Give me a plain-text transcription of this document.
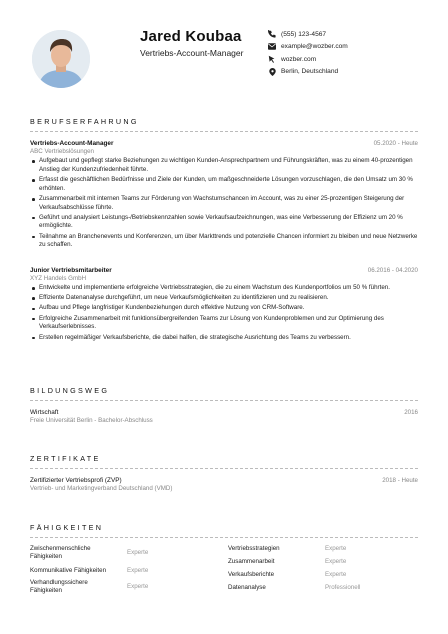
Jared Koubaa
Vertriebs-Account-Manager
(555) 123-4567
example@wozber.com
wozber.com
Berlin, Deutschland
BERUFSERFAHRUNG
Vertriebs-Account-Manager	05.2020 - Heute
ABC Vertriebslösungen
Aufgebaut und gepflegt starke Beziehungen zu wichtigen Kunden-Ansprechpartnern und Führungskräften, was zu einem 40-prozentigen Anstieg der Kundenzufriedenheit führte.
Erfasst die geschäftlichen Bedürfnisse und Ziele der Kunden, um maßgeschneiderte Lösungen vorzuschlagen, die den Umsatz um 30 % erhöhten.
Zusammenarbeit mit internen Teams zur Förderung von Wachstumschancen im Account, was zu einer 25-prozentigen Steigerung der Verkaufsabschlüsse führte.
Geführt und analysiert Leistungs-/Betriebskennzahlen sowie Verkaufsaufzeichnungen, was eine Verbesserung der Effizienz um 20 % ermöglichte.
Teilnahme an Branchenevents und Konferenzen, um über Markttrends und potenzielle Chancen informiert zu bleiben und neue Netzwerke zu schaffen.
Junior Vertriebsmitarbeiter	06.2016 - 04.2020
XYZ Handels GmbH
Entwickelte und implementierte erfolgreiche Vertriebsstrategien, die zu einem Wachstum des Kundenportfolios um 50 % führten.
Effiziente Datenanalyse durchgeführt, um neue Verkaufsmöglichkeiten zu identifizieren und zu realisieren.
Aufbau und Pflege langfristiger Kundenbeziehungen durch effektive Nutzung von CRM-Software.
Erfolgreiche Zusammenarbeit mit funktionsübergreifenden Teams zur Lösung von Kundenproblemen und zur Optimierung des Verkaufserlebnisses.
Erstellen regelmäßiger Verkaufsberichte, die dabei halfen, die strategische Ausrichtung des Teams zu verbessern.
BILDUNGSWEG
Wirtschaft	2016
Freie Universität Berlin - Bachelor-Abschluss
ZERTIFIKATE
Zertifizierter Vertriebsprofi (ZVP)	2018 - Heute
Vertrieb- und Marketingverband Deutschland (VMD)
FÄHIGKEITEN
Zwischenmenschliche Fähigkeiten
Experte
Kommunikative Fähigkeiten	Experte
Verhandlungssichere Fähigkeiten
Experte
Vertriebsstrategien	Experte
Zusammenarbeit	Experte
Verkaufsberichte	Experte
Datenanalyse	Professionell
